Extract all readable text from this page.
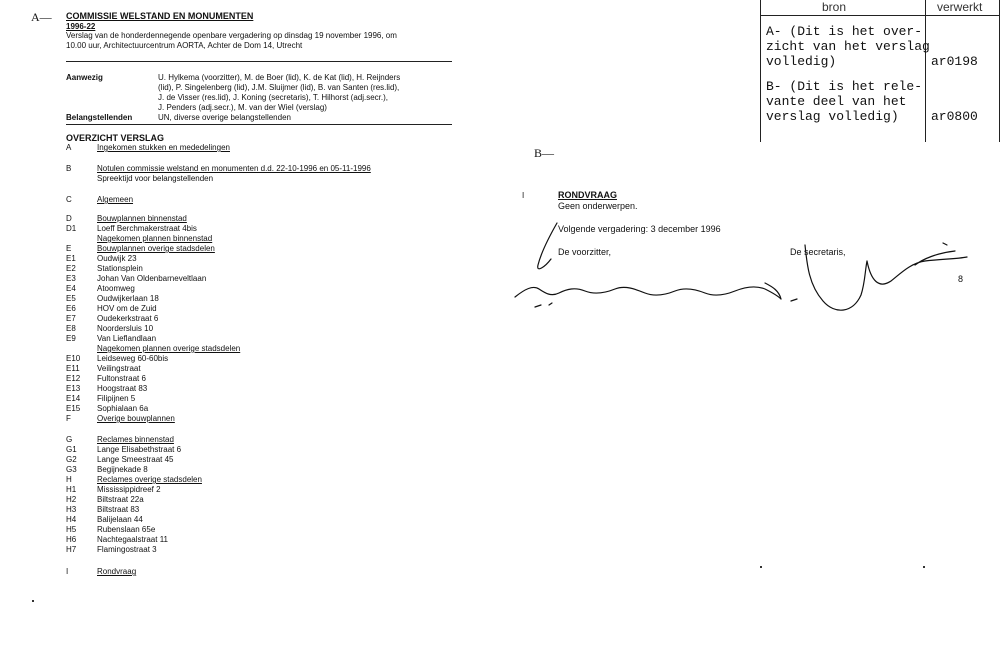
A— COMMISSIE WELSTAND EN MONUMENTEN
1996-22
Verslag van de honderdennegende openbare vergadering op dinsdag 19 november 1996, om
10.00 uur, Architectuurcentrum AORTA, Achter de Dom 14, Utrecht
Aanwezig	U. Hylkema (voorzitter), M. de Boer (lid), K. de Kat (lid), H. Reijnders
(lid), P. Singelenberg (lid), J.M. Sluijmer (lid), B. van Santen (res.lid),
J. de Visser (res.lid), J. Koning (secretaris), T. Hilhorst (adj.secr.),
J. Penders (adj.secr.), M. van der Wiel (verslag)
Belangstellenden	UN, diverse overige belangstellenden
OVERZICHT VERSLAG
A	Ingekomen stukken en mededelingen
B	Notulen commissie welstand en monumenten d.d. 22-10-1996 en 05-11-1996
Spreektijd voor belangstellenden
C	Algemeen
D	Bouwplannen binnenstad
D1	Loeff Berchmakerstraat 4bis
Nagekomen plannen binnenstad
E	Bouwplannen overige stadsdelen
E1	Oudwijk 23
E2	Stationsplein
E3	Johan Van Oldenbarneveltlaan
E4	Atoomweg
E5	Oudwijkerlaan 18
E6	HOV om de Zuid
E7	Oudekerkstraat 6
E8	Noordersluis 10
E9	Van Lieflandlaan
Nagekomen plannen overige stadsdelen
E10	Leidseweg 60-60bis
E11	Veilingstraat
E12	Fultonstraat 6
E13	Hoogstraat 83
E14	Filipijnen 5
E15	Sophialaan 6a
F	Overige bouwplannen
G	Reclames binnenstad
G1	Lange Elisabethstraat 6
G2	Lange Smeestraat 45
G3	Begijnekade 8
H	Reclames overige stadsdelen
H1	Mississippidreef 2
H2	Biltstraat 22a
H3	Biltstraat 83
H4	Balijelaan 44
H5	Rubenslaan 65e
H6	Nachtegaalstraat 11
H7	Flamingostraat 3
I	Rondvraag
bron	verwerkt
A- (Dit is het over-
zicht van het verslag
volledig)	ar0198
B- (Dit is het rele-
vante deel van het
verslag volledig) ar0800
B—
I	RONDVRAAG
Geen onderwerpen.
Volgende vergadering: 3 december 1996
De voorzitter,	De secretaris,
8
